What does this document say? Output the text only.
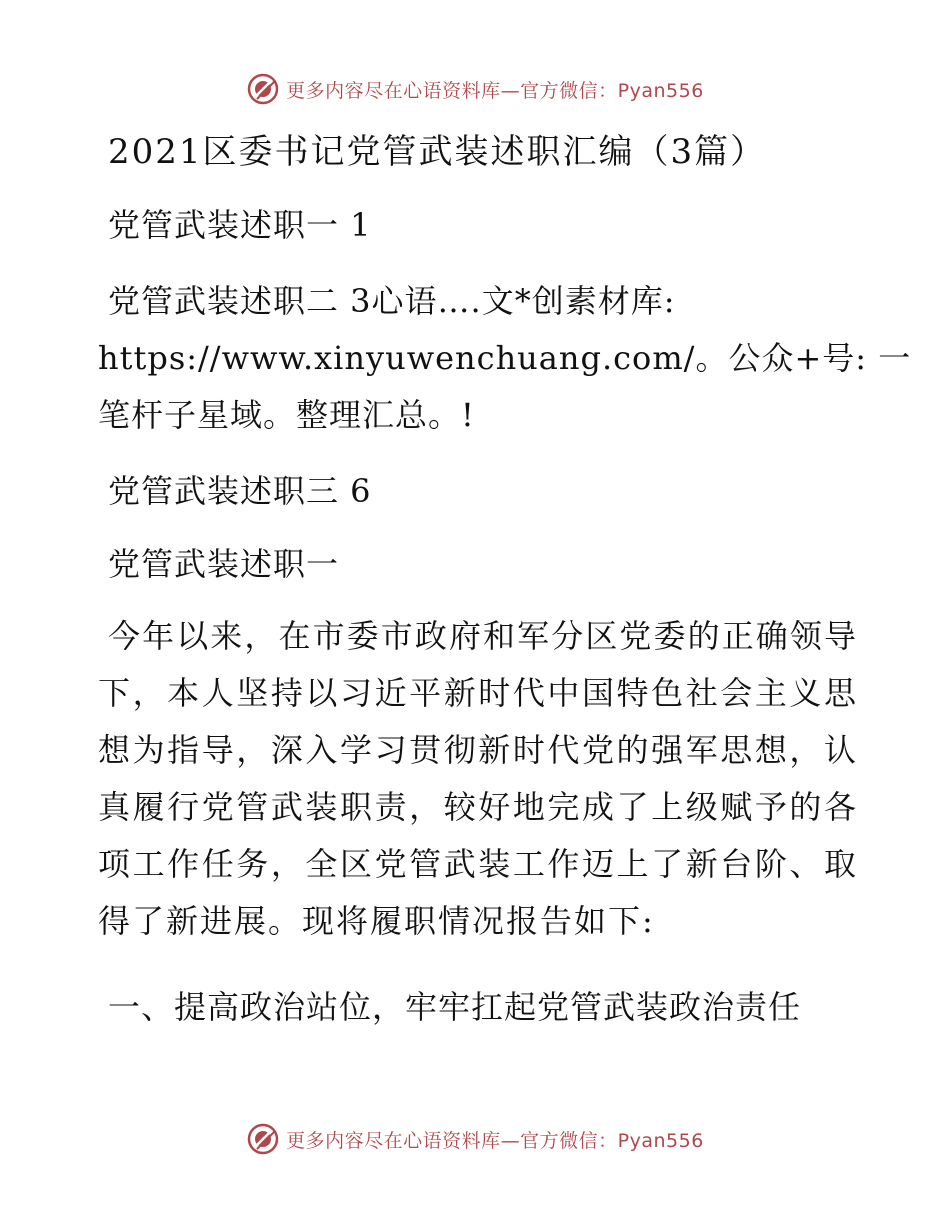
更多内容尽在心语资料库—官方微信：Pyan556
2021区委书记党管武装述职汇编（3篇）
党管武装述职一 1
党管武装述职二 3心语….文*创素材库:
https://www.xinyuwenchuang.com/。公众+号: 一
笔杆子星域。整理汇总。!
党管武装述职三 6
党管武装述职一

今年以来，在市委市政府和军分区党委的正确领导下，本人坚持以习近平新时代中国特色社会主义思想为指导，深入学习贯彻新时代党的强军思想，认真履行党管武装职责，较好地完成了上级赋予的各项工作任务，全区党管武装工作迈上了新台阶、取得了新进展。现将履职情况报告如下:

一、提高政治站位，牢牢扛起党管武装政治责任
更多内容尽在心语资料库—官方微信：Pyan556
